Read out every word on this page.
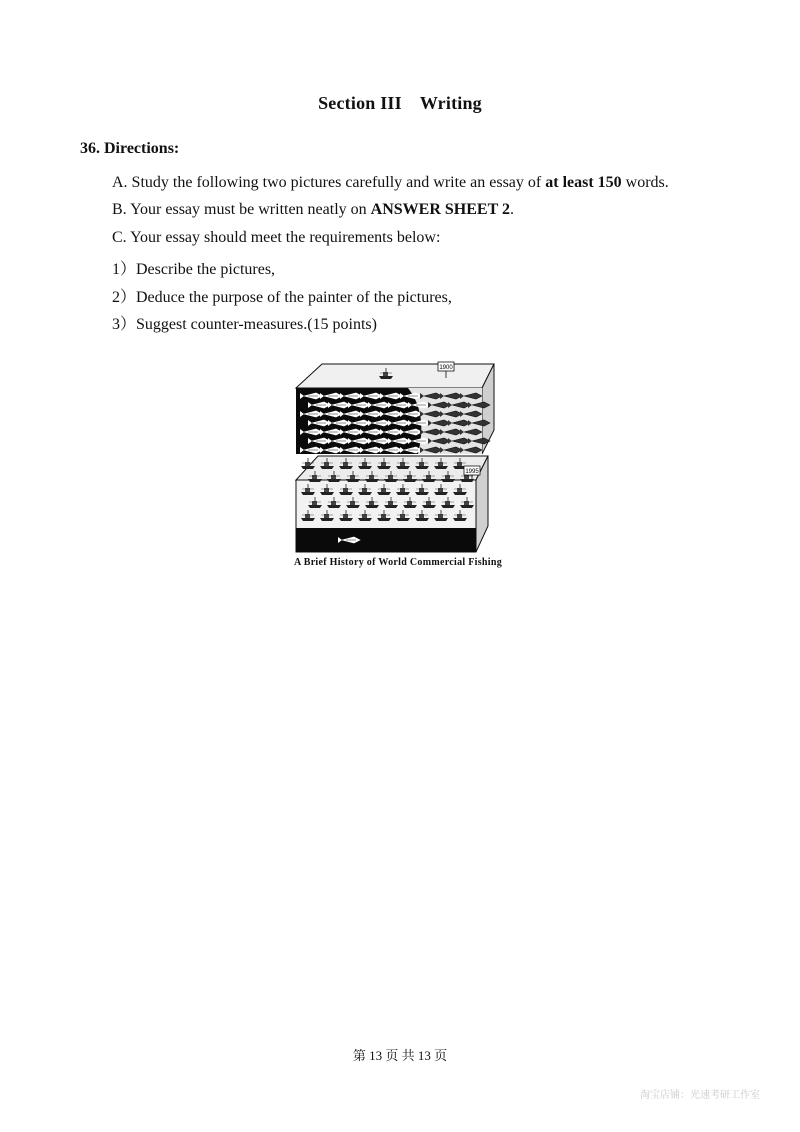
Section III Writing
36. Directions:
A. Study the following two pictures carefully and write an essay of at least 150 words.
B. Your essay must be written neatly on ANSWER SHEET 2.
C. Your essay should meet the requirements below:
1）Describe the pictures,
2）Deduce the purpose of the painter of the pictures,
3）Suggest counter-measures.(15 points)
1900
1995
A Brief History of World Commercial Fishing
第 13 页 共 13 页
淘宝店铺：光速考研工作室
